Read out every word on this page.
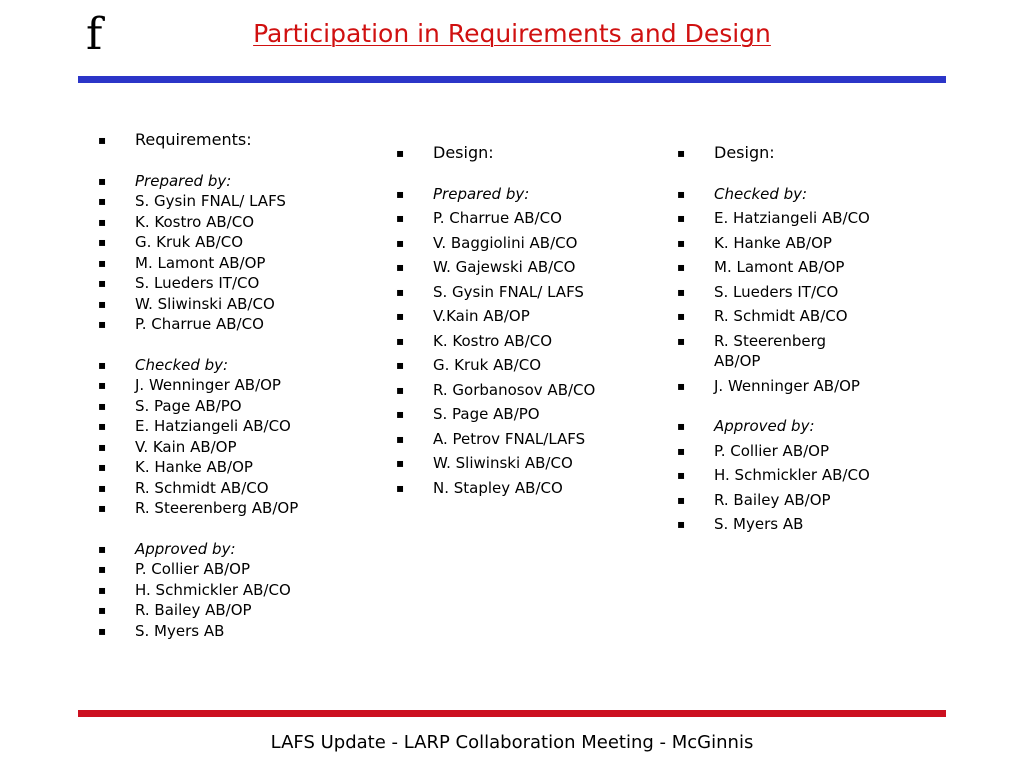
f	Participation in Requirements and Design
▪ Requirements:
▪ Prepared by:
▪ S. Gysin FNAL/ LAFS
▪ K. Kostro AB/CO
▪ G. Kruk AB/CO
▪ M. Lamont AB/OP
▪ S. Lueders IT/CO
▪ W. Sliwinski AB/CO
▪ P. Charrue AB/CO
▪ Checked by:
▪ J. Wenninger AB/OP
▪ S. Page AB/PO
▪ E. Hatziangeli AB/CO
▪ V. Kain AB/OP
▪ K. Hanke AB/OP
▪ R. Schmidt AB/CO
▪ R. Steerenberg AB/OP
▪ Approved by:
▪ P. Collier AB/OP
▪ H. Schmickler AB/CO
▪ R. Bailey AB/OP
▪ S. Myers AB
▪ Design:
▪ Prepared by:
▪ P. Charrue AB/CO
▪ V. Baggiolini AB/CO
▪ W. Gajewski AB/CO
▪ S. Gysin FNAL/ LAFS
▪ V.Kain AB/OP
▪ K. Kostro AB/CO
▪ G. Kruk AB/CO
▪ R. Gorbanosov AB/CO
▪ S. Page AB/PO
▪ A. Petrov FNAL/LAFS
▪ W. Sliwinski AB/CO
▪ N. Stapley AB/CO
▪ Design:
▪ Checked by:
▪ E. Hatziangeli AB/CO
▪ K. Hanke AB/OP
▪ M. Lamont AB/OP
▪ S. Lueders IT/CO
▪ R. Schmidt AB/CO
▪ R. Steerenberg AB/OP
▪ J. Wenninger AB/OP
▪ Approved by:
▪ P. Collier AB/OP
▪ H. Schmickler AB/CO
▪ R. Bailey AB/OP
▪ S. Myers AB
LAFS Update - LARP Collaboration Meeting - McGinnis
